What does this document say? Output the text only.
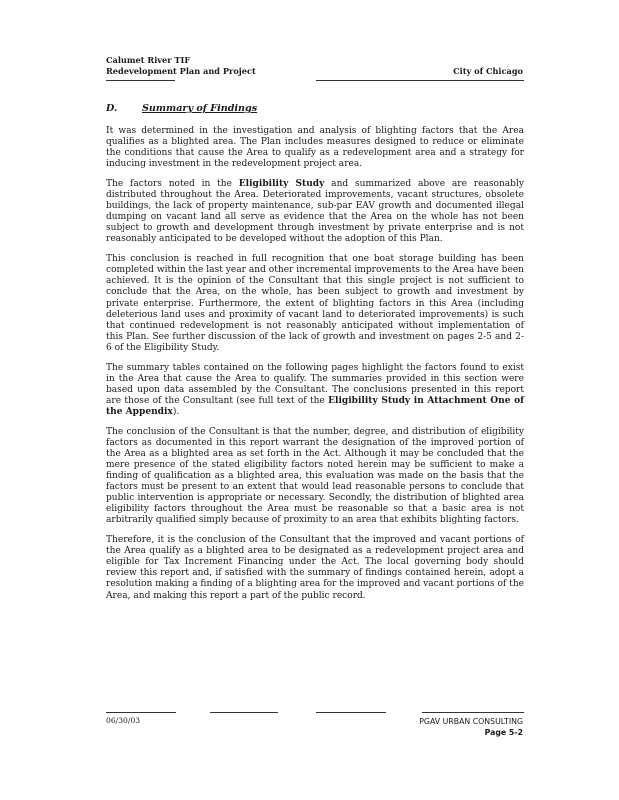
Calumet River TIF
Redevelopment Plan and Project	City of Chicago
D.	Summary of Findings

It was determined in the investigation and analysis of blighting factors that the Area qualifies as a blighted area. The Plan includes measures designed to reduce or eliminate the conditions that cause the Area to qualify as a redevelopment area and a strategy for inducing investment in the redevelopment project area.

The factors noted in the Eligibility Study and summarized above are reasonably distributed throughout the Area. Deteriorated improvements, vacant structures, obsolete buildings, the lack of property maintenance, sub-par EAV growth and documented illegal dumping on vacant land all serve as evidence that the Area on the whole has not been subject to growth and development through investment by private enterprise and is not reasonably anticipated to be developed without the adoption of this Plan.

This conclusion is reached in full recognition that one boat storage building has been completed within the last year and other incremental improvements to the Area have been achieved. It is the opinion of the Consultant that this single project is not sufficient to conclude that the Area, on the whole, has been subject to growth and investment by private enterprise. Furthermore, the extent of blighting factors in this Area (including deleterious land uses and proximity of vacant land to deteriorated improvements) is such that continued redevelopment is not reasonably anticipated without implementation of this Plan. See further discussion of the lack of growth and investment on pages 2-5 and 2-6 of the Eligibility Study.

The summary tables contained on the following pages highlight the factors found to exist in the Area that cause the Area to qualify. The summaries provided in this section were based upon data assembled by the Consultant. The conclusions presented in this report are those of the Consultant (see full text of the Eligibility Study in Attachment One of the Appendix).

The conclusion of the Consultant is that the number, degree, and distribution of eligibility factors as documented in this report warrant the designation of the improved portion of the Area as a blighted area as set forth in the Act. Although it may be concluded that the mere presence of the stated eligibility factors noted herein may be sufficient to make a finding of qualification as a blighted area, this evaluation was made on the basis that the factors must be present to an extent that would lead reasonable persons to conclude that public intervention is appropriate or necessary. Secondly, the distribution of blighted area eligibility factors throughout the Area must be reasonable so that a basic area is not arbitrarily qualified simply because of proximity to an area that exhibits blighting factors.

Therefore, it is the conclusion of the Consultant that the improved and vacant portions of the Area qualify as a blighted area to be designated as a redevelopment project area and eligible for Tax Increment Financing under the Act. The local governing body should review this report and, if satisfied with the summary of findings contained herein, adopt a resolution making a finding of a blighting area for the improved and vacant portions of the Area, and making this report a part of the public record.

06/30/03	PGAV URBAN CONSULTING
Page 5-2
